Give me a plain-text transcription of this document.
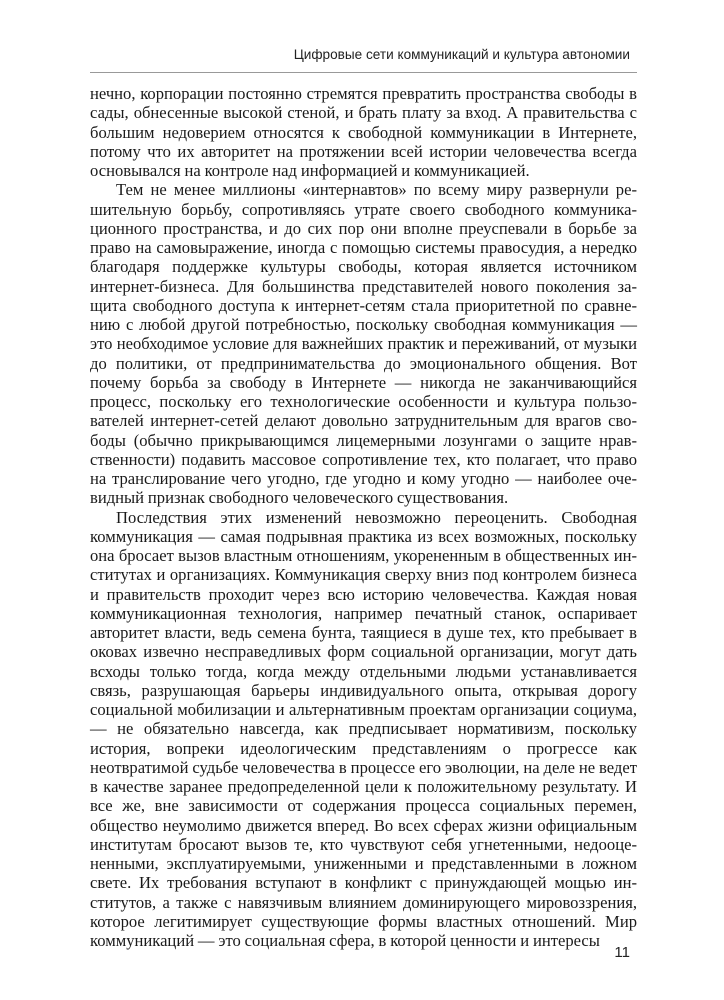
Цифровые сети коммуникаций и культура автономии

нечно, корпорации постоянно стремятся превратить пространства свободы в сады, обнесенные высокой стеной, и брать плату за вход. А правительства с большим недоверием относятся к свободной коммуникации в Интернете, потому что их авторитет на протяжении всей истории человечества всегда основывался на контроле над информацией и коммуникацией.

Тем не менее миллионы «интернавтов» по всему миру развернули решительную борьбу, сопротивляясь утрате своего свободного коммуникационного пространства, и до сих пор они вполне преуспевали в борьбе за право на самовыражение, иногда с помощью системы правосудия, а нередко благодаря поддержке культуры свободы, которая является источником интернет-бизнеса. Для большинства представителей нового поколения защита свободного доступа к интернет-сетям стала приоритетной по сравнению с любой другой потребностью, поскольку свободная коммуникация — это необходимое условие для важнейших практик и переживаний, от музыки до политики, от предпринимательства до эмоционального общения. Вот почему борьба за свободу в Интернете — никогда не заканчивающийся процесс, поскольку его технологические особенности и культура пользователей интернет-сетей делают довольно затруднительным для врагов свободы (обычно прикрывающимся лицемерными лозунгами о защите нравственности) подавить массовое сопротивление тех, кто полагает, что право на транслирование чего угодно, где угодно и кому угодно — наиболее очевидный признак свободного человеческого существования.

Последствия этих изменений невозможно переоценить. Свободная коммуникация — самая подрывная практика из всех возможных, поскольку она бросает вызов властным отношениям, укорененным в общественных институтах и организациях. Коммуникация сверху вниз под контролем бизнеса и правительств проходит через всю историю человечества. Каждая новая коммуникационная технология, например печатный станок, оспаривает авторитет власти, ведь семена бунта, таящиеся в душе тех, кто пребывает в оковах извечно несправедливых форм социальной организации, могут дать всходы только тогда, когда между отдельными людьми устанавливается связь, разрушающая барьеры индивидуального опыта, открывая дорогу социальной мобилизации и альтернативным проектам организации социума, — не обязательно навсегда, как предписывает нормативизм, поскольку история, вопреки идеологическим представлениям о прогрессе как неотвратимой судьбе человечества в процессе его эволюции, на деле не ведет в качестве заранее предопределенной цели к положительному результату. И все же, вне зависимости от содержания процесса социальных перемен, общество неумолимо движется вперед. Во всех сферах жизни официальным институтам бросают вызов те, кто чувствуют себя угнетенными, недооцененными, эксплуатируемыми, униженными и представленными в ложном свете. Их требования вступают в конфликт с принуждающей мощью институтов, а также с навязчивым влиянием доминирующего мировоззрения, которое легитимирует существующие формы властных отношений. Мир коммуникаций — это социальная сфера, в которой ценности и интересы

11
